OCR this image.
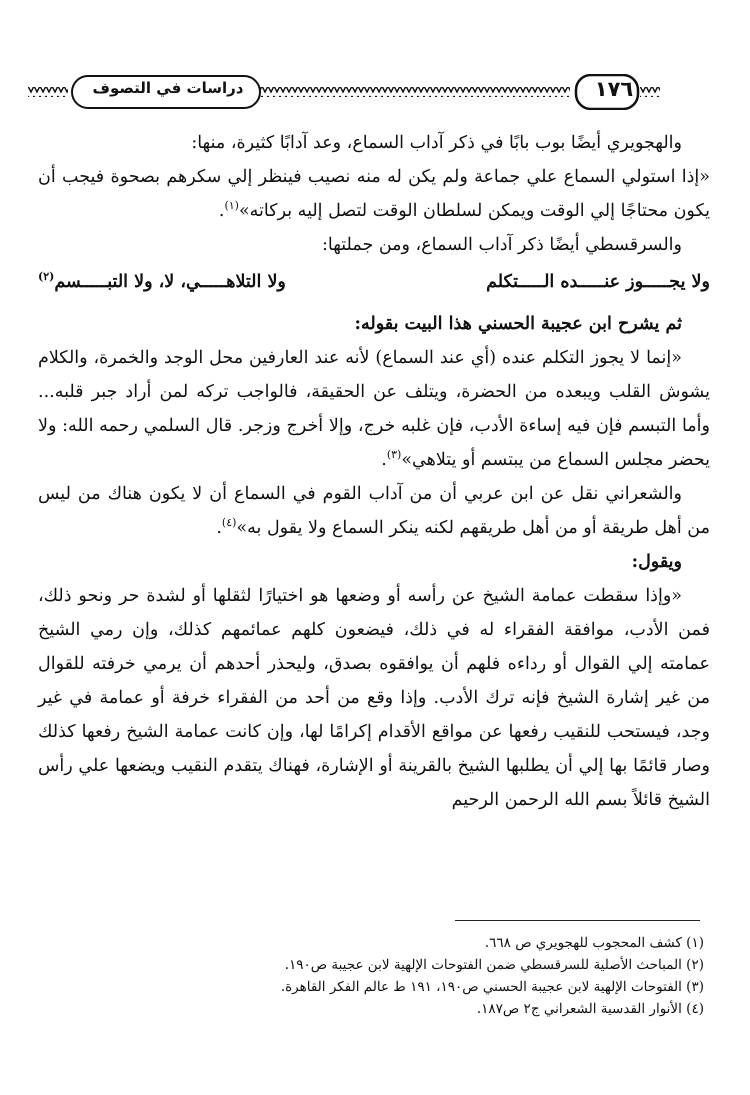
دراسات في التصوف	١٧٦

والهجويري أيضًا بوب بابًا في ذكر آداب السماع، وعد آدابًا كثيرة، منها:

«إذا استولي السماع علي جماعة ولم يكن له منه نصيب فينظر إلي سكرهم بصحوة فيجب أن يكون محتاجًا إلي الوقت ويمكن لسلطان الوقت لتصل إليه بركاته»$^{(١)}$.

والسرقسطي أيضًا ذكر آداب السماع، ومن جملتها:

ولا يجـــــوز عنـــــده الـــــتكلم
ولا التلاهـــــي، لا، ولا التبـــــسم$^{(٢)}$

ثم يشرح ابن عجيبة الحسني هذا البيت بقوله:

«إنما لا يجوز التكلم عنده (أي عند السماع) لأنه عند العارفين محل الوجد والخمرة، والكلام يشوش القلب ويبعده من الحضرة، ويتلف عن الحقيقة، فالواجب تركه لمن أراد جبر قلبه... وأما التبسم فإن فيه إساءة الأدب، فإن غلبه خرج، وإلا أخرج وزجر. قال السلمي رحمه الله: ولا يحضر مجلس السماع من يبتسم أو يتلاهي»$^{(٣)}$.

والشعراني نقل عن ابن عربي أن من آداب القوم في السماع أن لا يكون هناك من ليس من أهل طريقة أو من أهل طريقهم لكنه ينكر السماع ولا يقول به»$^{(٤)}$.

ويقول:

«وإذا سقطت عمامة الشيخ عن رأسه أو وضعها هو اختيارًا لثقلها أو لشدة حر ونحو ذلك، فمن الأدب، موافقة الفقراء له في ذلك، فيضعون كلهم عمائمهم كذلك، وإن رمي الشيخ عمامته إلي القوال أو رداءه فلهم أن يوافقوه بصدق، وليحذر أحدهم أن يرمي خرفته للقوال من غير إشارة الشيخ فإنه ترك الأدب. وإذا وقع من أحد من الفقراء خرفة أو عمامة في غير وجد، فيستحب للنقيب رفعها عن مواقع الأقدام إكرامًا لها، وإن كانت عمامة الشيخ رفعها كذلك وصار قائمًا بها إلي أن يطلبها الشيخ بالقرينة أو الإشارة، فهناك يتقدم النقيب ويضعها علي رأس الشيخ قائلاً بسم الله الرحمن الرحيم

(١) كشف المحجوب للهجويري ص ٦٦٨.

(٢) المباحث الأصلية للسرقسطي ضمن الفتوحات الإلهية لابن عجيبة ص١٩٠.

(٣) الفتوحات الإلهية لابن عجيبة الحسني ص١٩٠، ١٩١ ط عالم الفكر القاهرة.

(٤) الأنوار القدسية الشعراني ج٢ ص١٨٧.
